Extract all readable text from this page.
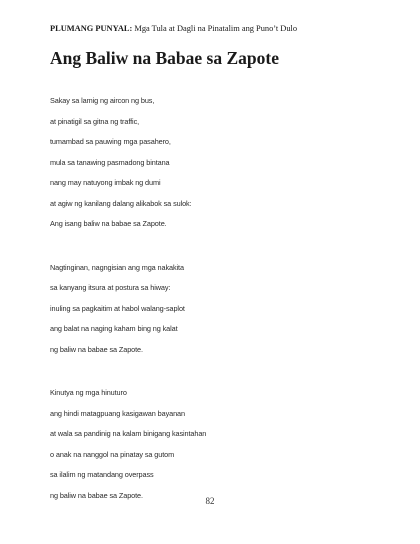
PLUMANG PUNYAL: Mga Tula at Dagli na Pinatalim ang Puno’t Dulo
Ang Baliw na Babae sa Zapote
Sakay sa lamig ng aircon ng bus,
at pinatigil sa gitna ng traffic,
tumambad sa pauwing mga pasahero,
mula sa tanawing pasmadong bintana
nang may natuyong imbak ng dumi
at agiw ng kanilang dalang alikabok sa sulok:
Ang isang baliw na babae sa Zapote.
Nagtinginan, nagngisian ang mga nakakita
sa kanyang itsura at postura sa hiway:
inuling sa pagkaitim at habol walang-saplot
ang balat na naging kaham bing ng kalat
ng baliw na babae sa Zapote.
Kinutya ng mga hinuturo
ang hindi matagpuang kasigawan bayanan
at wala sa pandinig na kalam binigang kasintahan
o anak na nanggol na pinatay sa gutom
sa ilalim ng matandang overpass
ng baliw na babae sa Zapote.
82
